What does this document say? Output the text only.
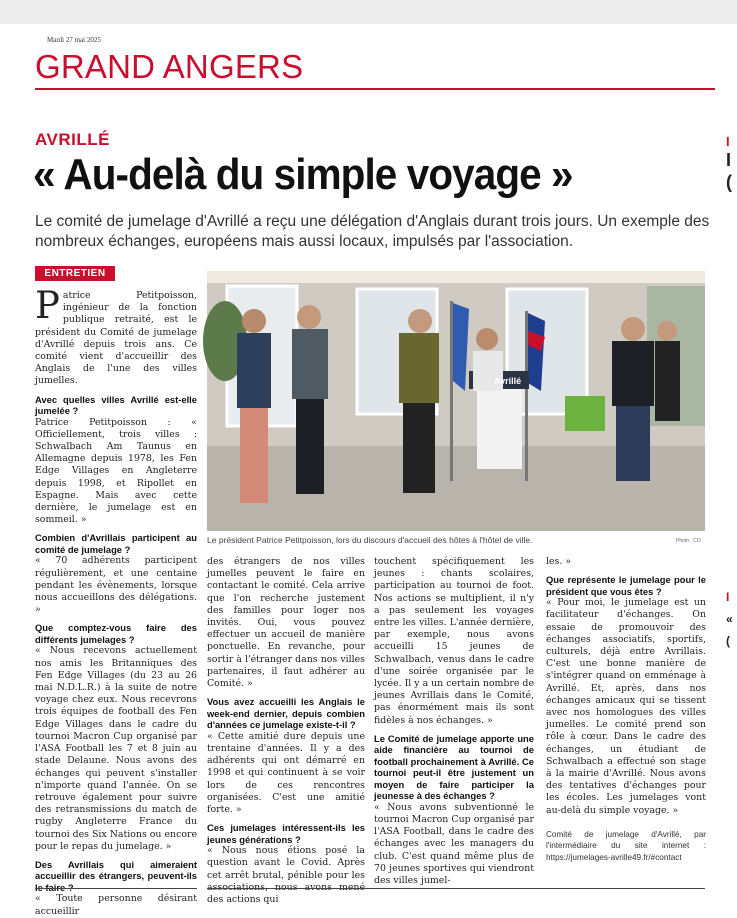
Mardi 27 mai 2025
GRAND ANGERS
I
I
(
I
«
(
AVRILLÉ
« Au-delà du simple voyage »
Le comité de jumelage d'Avrillé a reçu une délégation d'Anglais durant trois jours. Un exemple des nombreux échanges, européens mais aussi locaux, impulsés par l'association.
ENTRETIEN

Patrice Petitpoisson, ingénieur de la fonction publique retraité, est le président du Comité de jumelage d'Avrillé depuis trois ans. Ce comité vient d'accueillir des Anglais de l'une des villes jumelles.

Avec quelles villes Avrillé est-elle jumelée ?

Patrice Petitpoisson : « Officiellement, trois villes : Schwalbach Am Taunus en Allemagne depuis 1978, les Fen Edge Villages en Angleterre depuis 1998, et Ripollet en Espagne. Mais avec cette dernière, le jumelage est en sommeil. »

Combien d'Avrillais participent au comité de jumelage ?

« 70 adhérents participent régulièrement, et une centaine pendant les évènements, lorsque nous accueillons des délégations. »

Que comptez-vous faire des différents jumelages ?

« Nous recevons actuellement nos amis les Britanniques des Fen Edge Villages (du 23 au 26 mai N.D.L.R.) à la suite de notre voyage chez eux. Nous recevrons trois équipes de football des Fen Edge Villages dans le cadre du tournoi Macron Cup organisé par l'ASA Football les 7 et 8 juin au stade Delaune. Nous avons des échanges qui peuvent s'installer n'importe quand l'année. On se retrouve également pour suivre des retransmissions du match de rugby Angleterre France du tournoi des Six Nations ou encore pour le repas du jumelage. »

Des Avrillais qui aimeraient accueillir des étrangers, peuvent-ils

« Toute personne désirant accueillir

Avrillé
Le président Patrice Petitpoisson, lors du discours d'accueil des hôtes à l'hôtel de ville.	Photo : CO

des étrangers de nos villes jumelles peuvent le faire en contactant le comité. Cela arrive que l'on recherche justement des familles pour loger nos invités. Oui, vous pouvez effectuer un accueil de manière ponctuelle. En revanche, pour sortir à l'étranger dans nos villes partenaires, il faut adhérer au Comité. »

Vous avez accueilli les Anglais le week-end dernier, depuis combien d'années ce jumelage existe-t-il ?

« Cette amitié dure depuis une trentaine d'années. Il y a des adhérents qui ont démarré en 1998 et qui continuent à se voir lors de ces rencontres organisées. C'est une amitié forte. »

Ces jumelages intéressent-ils les jeunes générations ?

« Nous nous étions posé la question avant le Covid. Après cet arrêt brutal, pénible pour les des actions qui

touchent spécifiquement les jeunes : chants scolaires, participation au tournoi de foot. Nos actions se multiplient, il n'y a pas seulement les voyages entre les villes. L'année dernière, par exemple, nous avons accueilli 15 jeunes de Schwalbach, venus dans le cadre d'une soirée organisée par le lycée. Il y a un certain nombre de jeunes Avrillais dans le Comité, pas énormément mais ils sont fidèles à nos échanges. »

Le Comité de jumelage apporte une aide financière au tournoi de football prochainement à Avrillé. Ce tournoi peut-il être justement un moyen de faire participer la jeunesse à des échanges ?

« Nous avons subventionné le tournoi Macron Cup organisé par l'ASA Football, dans le cadre des échanges avec les managers du club. C'est quand même plus de 70 jeunes sportives qui viendront des villes jumel-

les. »

Que représente le jumelage pour le président que vous êtes ?

« Pour moi, le jumelage est un facilitateur d'échanges. On essaie de promouvoir des échanges associatifs, sportifs, culturels, déjà entre Avrillais. C'est une bonne manière de s'intégrer quand on emménage à Avrillé. Et, après, dans nos échanges amicaux qui se tissent avec nos homologues des villes jumelles. Le comité prend son rôle à cœur. Dans le cadre des échanges, un étudiant de Schwalbach a effectué son stage à la mairie d'Avrillé. Nous avons des tentatives d'échanges pour les écoles. Les jumelages vont au-delà du simple voyage. »

Comité de jumelage d'Avrillé, par l'intermédiaire du site internet : https://jumelages-avrille49.fr/#contact
